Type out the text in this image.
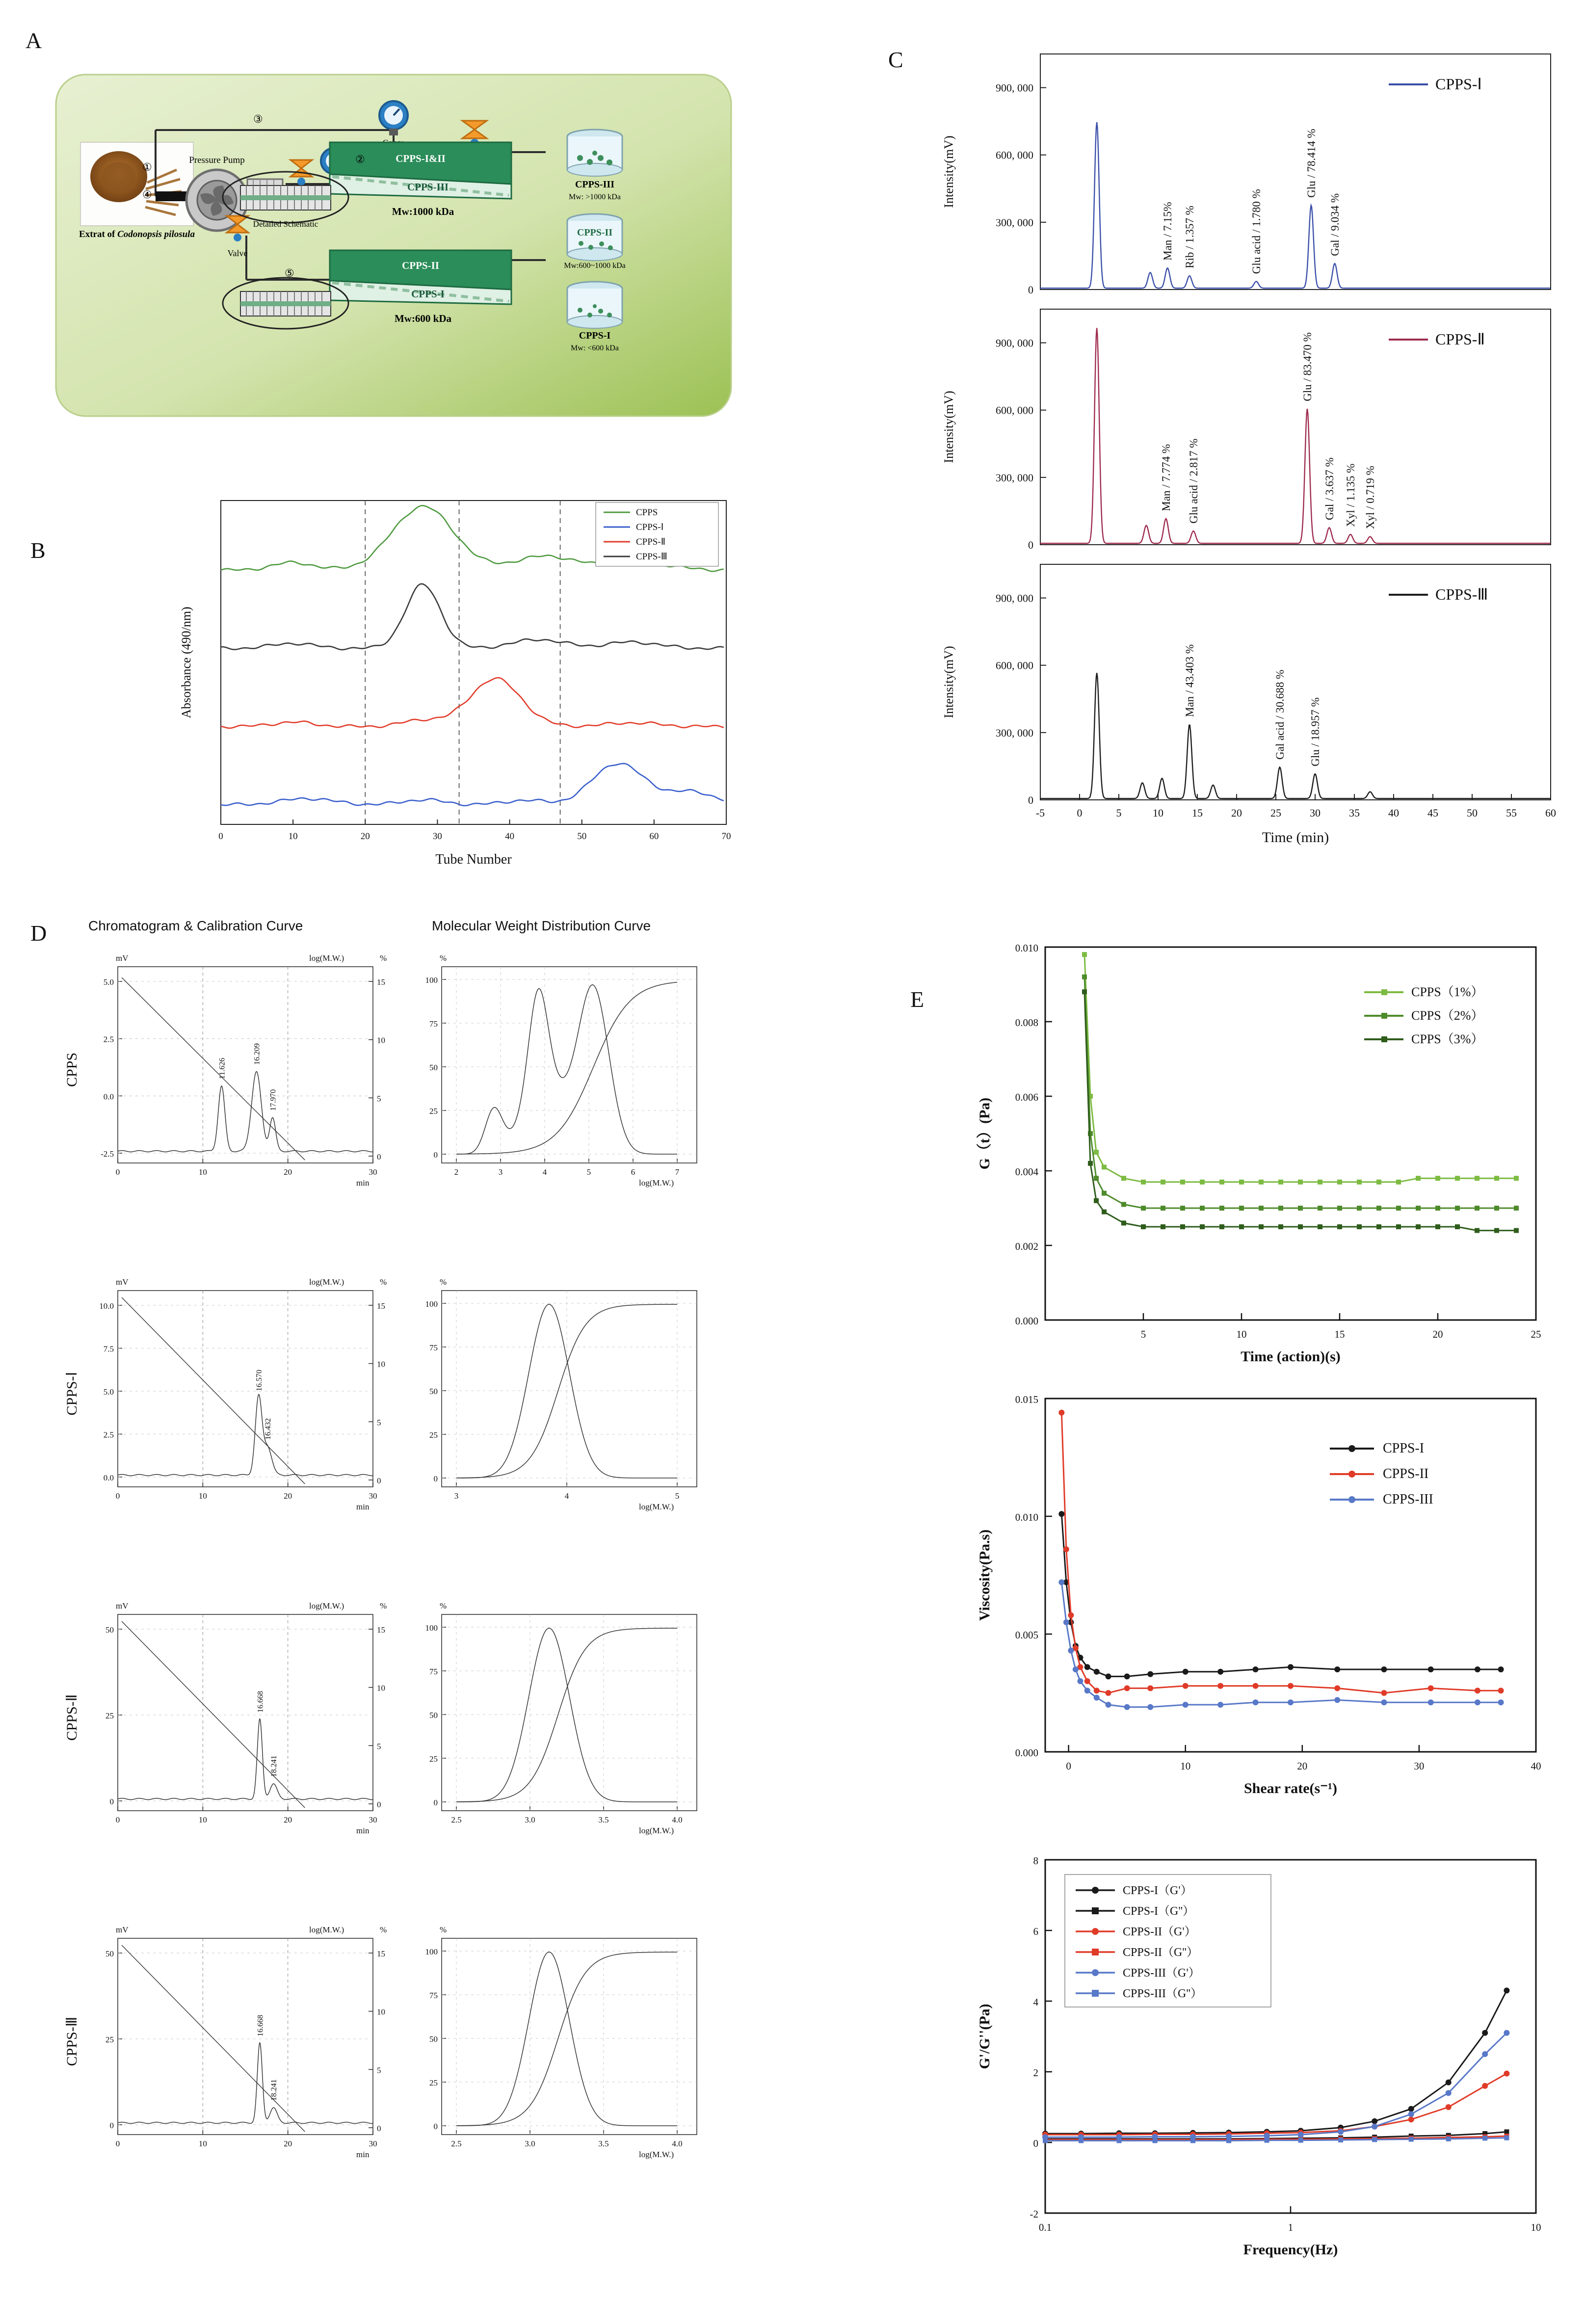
A
Extrat of Codonopsis pilosula
Pressure Pump
Valve
CPPS-I&II
CPPS-III
Mw:1000 kDa
CPPS-II
CPPS-I
Mw:600 kDa
Detailed Schematic
CPPS-III
Mw: >1000 kDa
CPPS-II
Mw:600~1000 kDa
CPPS-I
Mw: <600 kDa
①
②
③
④
⑤
B
0	10	20	30	40	50	60	70
Absorbance (490/nm)
Tube Number
CPPS
CPPS-Ⅰ
CPPS-Ⅱ
CPPS-Ⅲ
C
0
300, 000
600, 000
900, 000
Intensity(mV)
Man / 7.15% Rib / 1.357 %	Glu acid / 1.780 %
Glu / 78.414 %
Gal / 9.034 %
CPPS-Ⅰ
0
300, 000
600, 000
900, 000
Intensity(mV)
Man / 7.774 % Glu acid / 2.817 %
Glu / 83.470 %
Gal / 3.637 % Xyl / 1.135 % Xyl / 0.719 %
CPPS-Ⅱ
0
300, 000
600, 000
900, 000
Intensity(mV)	Man / 43.403 %	Gal acid / 30.688 % Glu / 18.957 %
CPPS-Ⅲ
-5	0	5	10	15	20	25	30	35	40	45	50	55	60
Time (min)
D	Chromatogram & Calibration Curve	Molecular Weight Distribution Curve
CPPS
mV	log(M.W.)	%
min
-2.5
0.0
2.5
5.0
0
5
10
15
0	10	20	30
11.626
16.209
17.970
%
log(M.W.)
0
25
50
75
100
2	3	4	5	6	7
CPPS-Ⅰ
mV	log(M.W.)	%
min
0.0
2.5
5.0
7.5
10.0
0
5
10
15
0	10	20	30
16.570
16.432
%
log(M.W.)
0
25
50
75
100
3	4	5
CPPS-Ⅱ
mV	log(M.W.)	%
min
0
25
50
0
5
10
15
0	10	20	30
16.668
18.241
%
log(M.W.)
0
25
50
75
100
2.5	3.0	3.5	4.0
CPPS-Ⅲ
mV	log(M.W.)	%
min
0
25
50
0
5
10
15
0	10	20	30
16.668
18.241
%
log(M.W.)
0
25
50
75
100
2.5	3.0	3.5	4.0
E
0.000
0.002
0.004
0.006
0.008
0.010
5	10	15	20	25
G（t）(Pa)
Time (action)(s)
CPPS（1%）
CPPS（2%）
CPPS（3%）
0.000
0.005
0.010
0.015
0	10	20	30	40
Viscosity(Pa.s)
Shear rate(s⁻¹)
CPPS-I
CPPS-II
CPPS-III
-2
0
2
4
6
8
0.1	1	10
G'/G''(Pa)
Frequency(Hz)
CPPS-I（G'）
CPPS-I（G''）
CPPS-II（G'）
CPPS-II（G''）
CPPS-III（G'）
CPPS-III（G''）
